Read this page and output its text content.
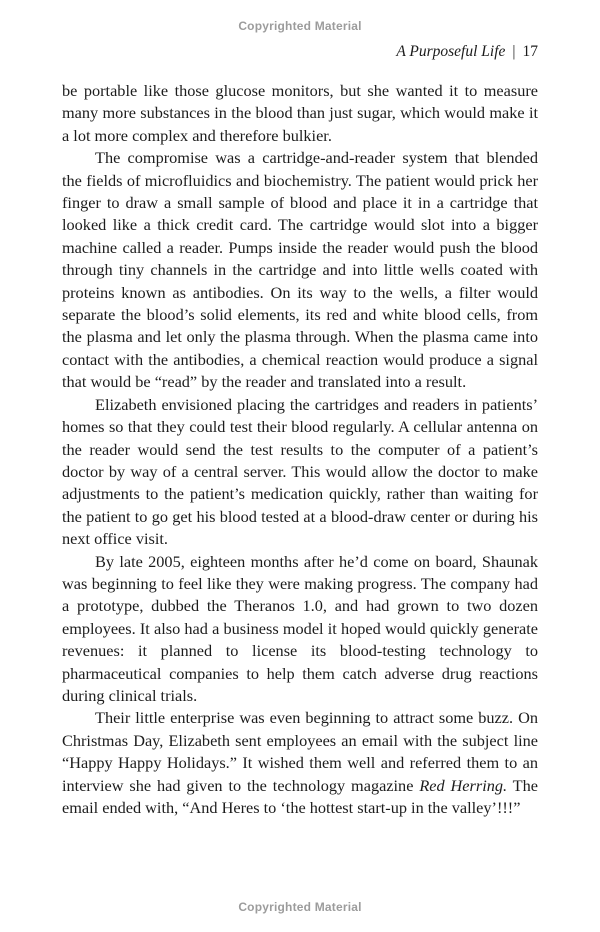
Copyrighted Material
A Purposeful Life | 17

be portable like those glucose monitors, but she wanted it to measure many more substances in the blood than just sugar, which would make it a lot more complex and therefore bulkier.

The compromise was a cartridge-and-reader system that blended the fields of microfluidics and biochemistry. The patient would prick her finger to draw a small sample of blood and place it in a cartridge that looked like a thick credit card. The cartridge would slot into a bigger machine called a reader. Pumps inside the reader would push the blood through tiny channels in the cartridge and into little wells coated with proteins known as antibodies. On its way to the wells, a filter would separate the blood’s solid elements, its red and white blood cells, from the plasma and let only the plasma through. When the plasma came into contact with the antibodies, a chemical reaction would produce a signal that would be “read” by the reader and translated into a result.

Elizabeth envisioned placing the cartridges and readers in patients’ homes so that they could test their blood regularly. A cellular antenna on the reader would send the test results to the computer of a patient’s doctor by way of a central server. This would allow the doctor to make adjustments to the patient’s medication quickly, rather than waiting for the patient to go get his blood tested at a blood-draw center or during his next office visit.

By late 2005, eighteen months after he’d come on board, Shaunak was beginning to feel like they were making progress. The company had a prototype, dubbed the Theranos 1.0, and had grown to two dozen employees. It also had a business model it hoped would quickly generate revenues: it planned to license its blood-testing technology to pharmaceutical companies to help them catch adverse drug reactions during clinical trials.

Their little enterprise was even beginning to attract some buzz. On Christmas Day, Elizabeth sent employees an email with the subject line “Happy Happy Holidays.” It wished them well and referred them to an interview she had given to the technology magazine Red Herring. The email ended with, “And Heres to ‘the hottest start-up in the valley’!!!”

Copyrighted Material
